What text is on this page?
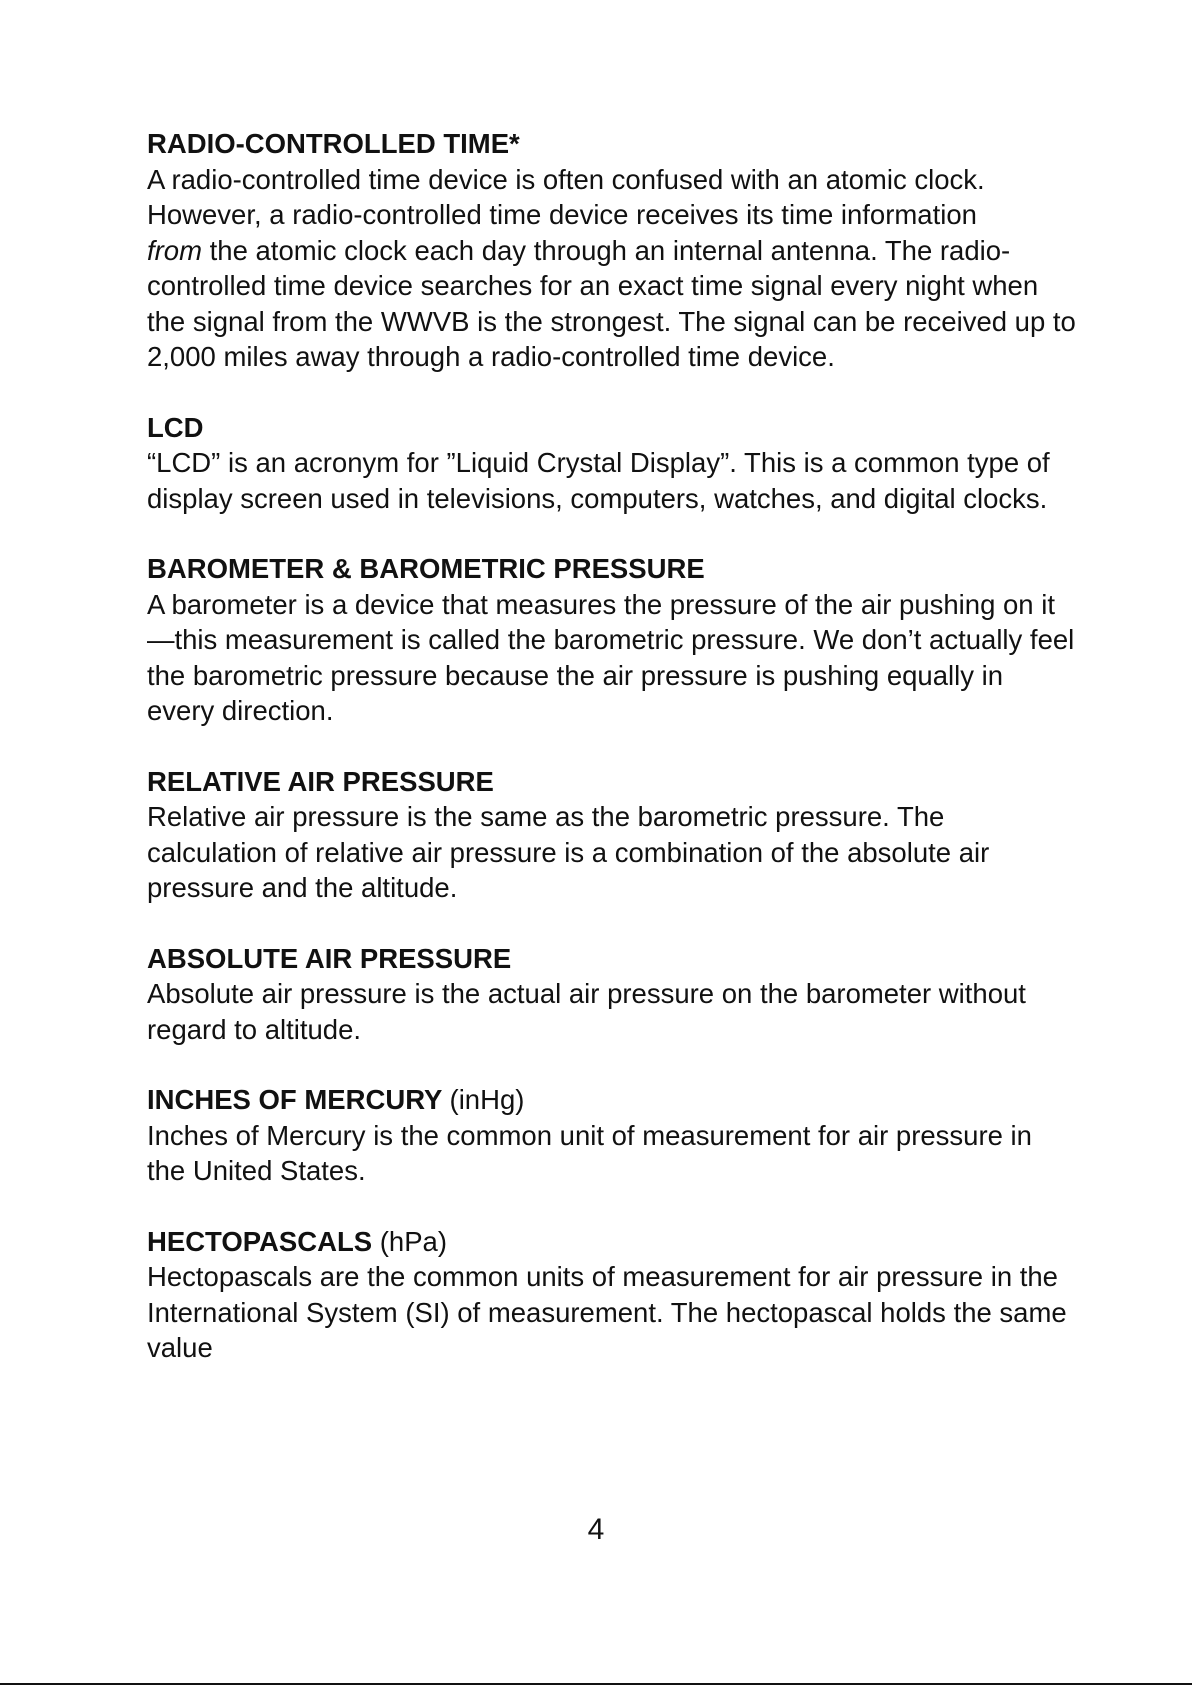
RADIO-CONTROLLED TIME*

A radio-controlled time device is often confused with an atomic clock. However, a radio-controlled time device receives its time information
from the atomic clock each day through an internal antenna. The radio- controlled time device searches for an exact time signal every night when the signal from the WWVB is the strongest. The signal can be received up to 2,000 miles away through a radio-controlled time device.

LCD

“LCD” is an acronym for ”Liquid Crystal Display”. This is a common type of display screen used in televisions, computers, watches, and digital clocks.

BAROMETER & BAROMETRIC PRESSURE

A barometer is a device that measures the pressure of the air pushing on it—this measurement is called the barometric pressure. We don’t actually feel the barometric pressure because the air pressure is pushing equally in every direction.

RELATIVE AIR PRESSURE

Relative air pressure is the same as the barometric pressure. The calculation of relative air pressure is a combination of the absolute air pressure and the altitude.

ABSOLUTE AIR PRESSURE

Absolute air pressure is the actual air pressure on the barometer without regard to altitude.

INCHES OF MERCURY (inHg)

Inches of Mercury is the common unit of measurement for air pressure in the United States.

HECTOPASCALS (hPa)

Hectopascals are the common units of measurement for air pressure in the International System (SI) of measurement. The hectopascal holds the same value

4
